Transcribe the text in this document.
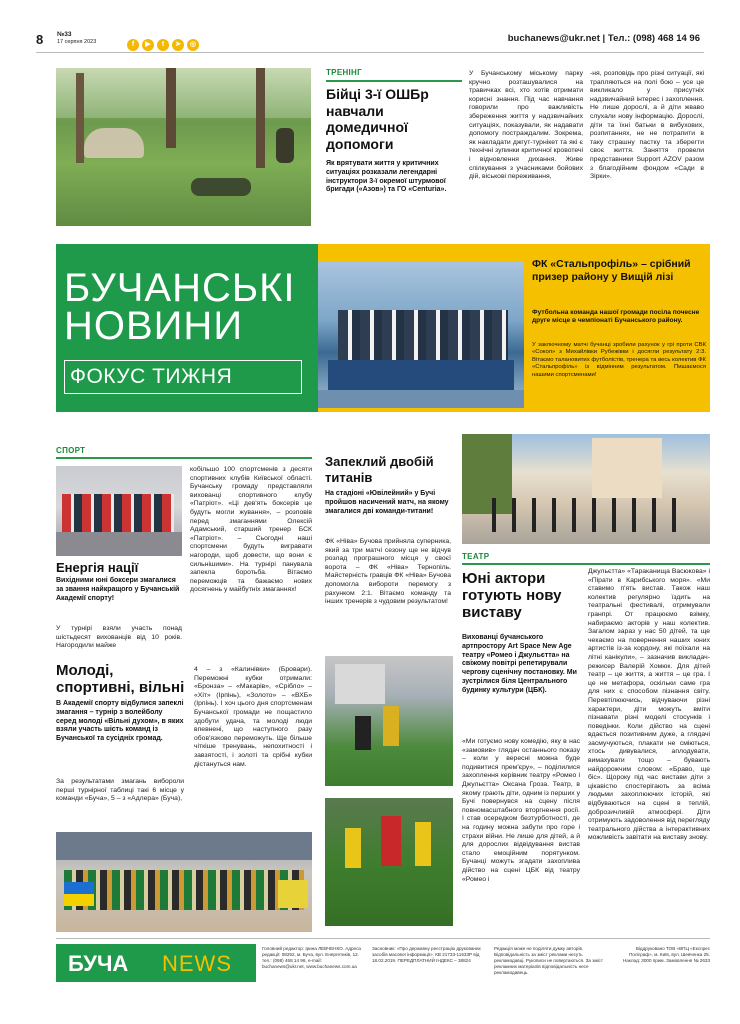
8 №33
17 серпня 2023	f ▶ t ➤ ◎
buchanews@ukr.net | Тел.: (098) 468 14 96
ТРЕНІНГ
Бійці 3-ї ОШБр навчали домедичної допомоги
Як врятувати життя у критичних ситуаціях розказали легендарні інструктори 3-ї окремої штурмової бригади («Азов») та ГО «Centuria».
У Бучанському міському парку кручно розташувалися на травичках всі, хто хотів отримати корисні знання. Під час навчання говорили про важливість збереження життя у надзвичайних ситуаціях, показували, як надавати допомогу постраждалим. Зокрема, як накладати джгут-турнікет та які є технічні зупинки критичної кровотечі і відновлення дихання. Живе спілкування з учасниками бойових дій, віськові переживання,
-ня, розповідь про різні ситуації, які трапляються на полі бою – усе це викликало у присутніх надзвичайний інтерес і захоплення. Не лише дорослі, а й діти жваво слухали нову інформацію. Дорослі, діти та їхні батьки в вибухових, розпитаннях, не не потрапити в таку страшну пастку та зберегти своє життя. Заняття провели представники Support AZOV разом з благодійним фондом «Сади в Зірки».
БУЧАНСЬКІ
НОВИНИ
ФОКУС ТИЖНЯ
ФК «Стальпрофіль» – срібний призер району у Вищій лізі
Футбольна команда нашої громади посіла почесне друге місце в чемпіонаті Бучанського району.
У заключному матчі бучанці зробили рахунок у грі проти СВК «Сокол» з Михайлівки Рубежівки і досягли результату 2:3. Вітаємо талановитих футболістів, тренера та весь колектив ФК «Стальпрофіль» із відмінним результатом. Пишаємося нашими спортсменами!
СПОРТ
Енергія нації
Вихідними юні боксери змагалися за звання найкращого у Бучанській Академії спорту!
У турнірі взяли участь понад шістьдесят вихованців від 10 років. Нагородили майже
кобільшо 100 спортсменів з десяти спортивних клубів Київської області. Бучанську громаду представляли вихованці спортивного клубу «Патріот». «Ці дев'ять боксерів це будуть могли жування», – розповів перед змаганнями Олексій Адамський, старший тренер БСК «Патріот». – Сьогодні наші спортсмени будуть вигравати нагороди, щоб довести, що вони є сильнішими». На турнірі панувала запекла боротьба. Вітаємо переможців та бажаємо нових досягнень у майбутніх змаганнях!
Молоді, спортивні, вільні
В Академії спорту відбулися запеклі змагання – турнір з волейболу серед молоді «Вільні духом», в яких взяли участь шість команд із Бучанської та сусідніх громад.
За результатами змагань вибороли перші турнірної таблиці такі 6 місце у команди «Буча», 5 – з «Адлера» (Буча),
4 – з «Калинівки» (Бровари). Переможні кубки отримали: «Бронза» – «Макарів», «Срібло» – «Хіт» (Ірпінь), «Золото» – «ВХБ» (Ірпінь). І хоч цього дня спортсменам Бучанської громади не пощастило здобути удача, та молоді люди впевнені, що наступного разу обов'язково переможуть. Ще більше чіткіше тренувань, непохитності і завзятості, і золоті та срібні кубки дістануться нам.
Запеклий двобій титанів
На стадіоні «Ювілейний» у Бучі пройшов насичений матч, на якому змагалися дві команди-титани!
ФК «Ніва» Бучова прийняла суперника, який за три матчі сезону ще не відчув розлад програшного місця у своєї ворота – ФК «Ніва» Тернопіль. Майстерність гравців ФК «Ніва» Бучова допомогла вибороти перемогу з рахунком 2:1. Вітаємо команду та інших тренерів з чудовим результатом!
ТЕАТР
Юні актори готують нову виставу
Вихованці бучанського артпростору Art Space New Age театру «Ромео і Джульєтта» на свіжому повітрі репетирували чергову сценічну постановку. Ми зустрілися біля Центрального будинку культури (ЦБК).
«Ми готуємо нову комедію, яку в нас «замовив» глядач останнього показу – коли у вересні можна буде подивитися прем'єру», – поділилися захоплення керівник театру «Ромео і Джульєтта» Оксана Гроза. Театр, в якому грають діти, одним із перших у Бучі повернувся на сцену після повномасштабного вторгнення росії. І став осередком безтурботності, де на годину можна забути про горе і страхи війни. Не лише для дітей, а й для дорослих відвідування вистав стало емоційним порятунком. Бучанці можуть згадати захоплива дійство на сцені ЦБК від театру «Ромео і
Джульєтта» «Тараканища Васюкова» і «Пірати в Карибського моря». «Ми ставимо п'ять вистав. Також наш колектив регулярно їздить на театральні фестивалі, отримували гранпрі. От працюємо взімку, набираємо акторів у наш колектив. Загалом зараз у нас 50 дітей, та ще чекаємо на повернення наших юних артистів із-за кордону, які поїхали на літні канікули», – зазначив викладач-режисер Валерій Хомюк. Для дітей театр – це життя, а життя – це гра. І це не метафора, оскільки саме гра для них є способом пізнання світу. Перевтілюючись, відчуваючи різні характери, діти можуть вміти пізнавати різні моделі стосунків і поведінки. Коли дійство на сцені вдається позитивним дуже, а глядачі засмучуються, плакати не сміються, хтось дивувалися, аплодувати, вимахувати тощо – бувають найдорожчим словом: «Браво, ще біс». Щороку під час вистави діти з цікавістю спостерігають за всіма людьми захоплюючих історій, які відбуваються на сцені в теплій, доброзичливій атмосфері. Діти отримують задоволення від перегляду театрального дійства а інтерактивних можливість завітати на виставу знову.
БУЧА NEWS
Головний редактор: Ірина ЛЕВЧЕНКО. Адреса редакції: 08292, м. Буча, вул. Енергетиків, 12. тел.: (098) 468 14 96, e-mail: buchanews@ukr.net, www.buchanews.com.ua
Засновник: «Про державну реєстрацію друкованих засобів масової інформації». КВ 21733-11533Р від 18.02.2019. ПЕРЕДПЛАТНИЙ ІНДЕКС – 38824
Редакція може не поділяти думку авторів. Відповідальність за зміст реклами несуть рекламодавці. Рукописи не повертаються. За зміст рекламних матеріалів відповідальність несе рекламодавець.
Віддруковано ТОВ «ВПЦ «Експрес Поліграф», м. Київ, вул. Шевченка 25. Наклад: 3000 прим. Замовлення № 2633
